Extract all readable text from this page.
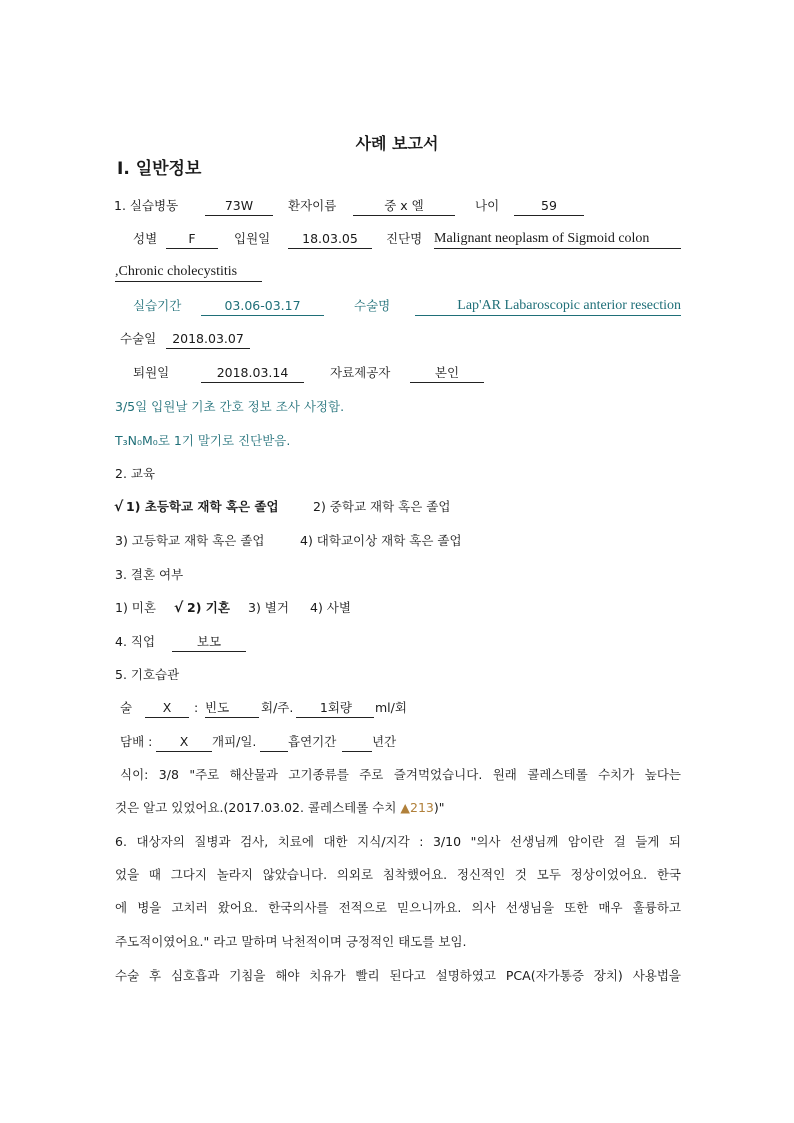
사례 보고서
Ⅰ. 일반정보
1. 실습병동	73W	환자이름	중 x 엘	나이	59
성별	F	입원일	18.03.05	진단명 Malignant neoplasm of Sigmoid colon
,Chronic cholecystitis
실습기간	03.06-03.17	수술명	Lap'AR Labaroscopic anterior resection
수술일	2018.03.07
퇴원일	2018.03.14	자료제공자	본인
3/5일 입원날 기초 간호 정보 조사 사정함.
T₃N₀M₀로 1기 말기로 진단받음.
2. 교육
√ 1) 초등학교 재학 혹은 졸업	2) 중학교 재학 혹은 졸업
3) 고등학교 재학 혹은 졸업	4) 대학교이상 재학 혹은 졸업
3. 결혼 여부
1) 미혼 √ 2) 기혼 3) 별거 4) 사별
4. 직업	보모
5. 기호습관
술	X	: 빈도	회/주.	1회량 ml/회
담배 :	X	개피/일.	흡연기간	년간
식이: 3/8 "주로 해산물과 고기종류를 주로 즐겨먹었습니다. 원래 콜레스테롤 수치가 높다는
것은 알고 있었어요.(2017.03.02. 콜레스테롤 수치 ▲213)"
6. 대상자의 질병과 검사, 치료에 대한 지식/지각 : 3/10 "의사 선생님께 암이란 걸 들게 되
었을 때 그다지 놀라지 않았습니다. 의외로 침착했어요. 정신적인 것 모두 정상이었어요. 한국
에 병을 고치러 왔어요. 한국의사를 전적으로 믿으니까요. 의사 선생님을 또한 매우 훌륭하고
주도적이였어요." 라고 말하며 낙천적이며 긍정적인 태도를 보임.
수술 후 심호흡과 기침을 해야 치유가 빨리 된다고 설명하였고 PCA(자가통증 장치) 사용법을
